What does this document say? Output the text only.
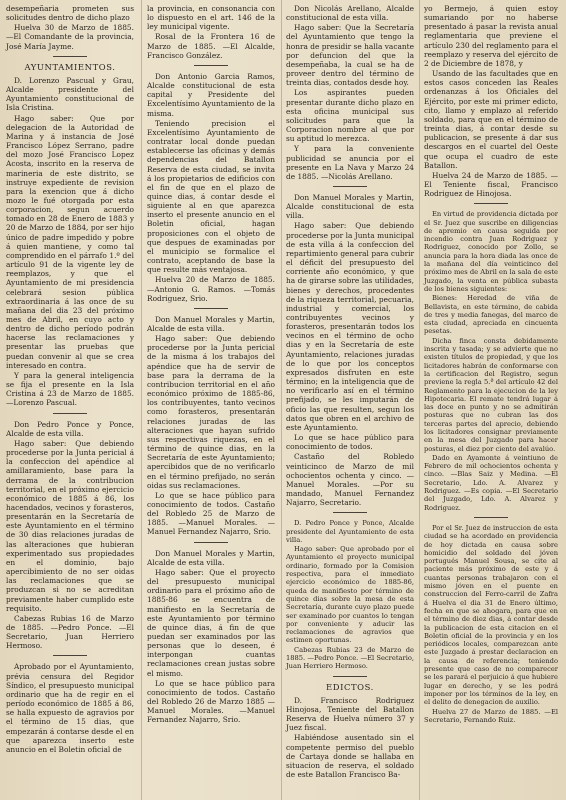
desempeñaria prometen sus solicitudes dentro de dicho plazo

Huelva 30 de Marzo de 1885. —El Comandante de la provincia, José María Jayme.

AYUNTAMIENTOS.

D. Lorenzo Pascual y Grau, Alcalde presidente del Ayuntamiento constitucional de Isla Cristina.

Hago saber: Que por delegacion de la Autoridad de Marina y á instancia de José Francisco López Serrano, padre del mozo José Francisco Lopez Acosta, inscrito en la reserva de marineria de este distrito, se instruye expediente de revision para la exencion que á dicho mozo le fué otorgada por esta corporacion, segun acuerdo tomado en 28 de Enero de 1883 y 20 de Marzo de 1884, por ser hijo único de padre impedido y pobre á quien mantiene, y como tal comprendido en el párrafo 1.º del artículo 91 de la vigente ley de reemplazos, y que el Ayuntamiento de mi presidencia celebrará sesion pública extraordinaria á las once de su mañana del dia 23 del próximo mes de Abril, en cuyo acto y dentro de dicho período podrán hacerse las reclamaciones y presentar las pruebas que puedan convenir al que se crea interesado en contra.

Y para la general inteligencia se fija el presente en la Isla Cristina á 23 de Marzo de 1885. —Lorenzo Pascual.

Don Pedro Ponce y Ponce, Alcalde de esta villa.

Hago saber: Que debiendo procederse por la Junta pericial á la confeccion del apéndice al amillaramiento, base para la derrama de la contribucion territorial, en el próximo ejercicio económico de 1885 á 86, los hacendados, vecinos y forasteros, presentarán en la Secretaría de este Ayuntamiento en el término de 30 dias relaciones juradas de las alteraciones que hubieran experimentado sus propiedades en el dominio, bajo apercibimiento de no ser oidas las reclamaciones que se produzcan si no se acreditan previamente haber cumplido este requisito.

Cabezas Rubias 16 de Marzo de 1885. —Pedro Ponce. —El Secretario, Juan Herriero Hermoso.

Aprobado por el Ayuntamiento, prévia censura del Regidor Síndico, el presupuesto municipal ordinario que ha de regir en el período económico de 1885 á 86, se halla expuesto de agravios por el término de 15 dias, que empezarán á contarse desde el en que aparezca inserto este anuncio en el Boletin oficial de

la provincia, en consonancia con lo dispuesto en el art. 146 de la ley municipal vigente.

Rosal de la Frontera 16 de Marzo de 1885. —El Alcalde, Francisco González.

Don Antonio Garcia Ramos, Alcalde constitucional de esta capital y Presidente del Excelentísimo Ayuntamiento de la misma.

Teniendo precision el Excelentísimo Ayuntamiento de contratar local donde puedan establecerse las oficinas y demás dependencias del Batallon Reserva de esta ciudad, se invita á los propietarios de edificios con el fin de que en el plazo de quince dias, á contar desde el siguiente al en que aparezca inserto el presente anuncio en el Boletin oficial, hagan proposiciones con el objeto de que despues de examinadas por el municipio se formalice el contrato, aceptando de base la que resulte más ventajosa.

Huelva 20 de Marzo de 1885. —Antonio G. Ramos. —Tomás Rodriguez, Srio.

Don Manuel Morales y Martin, Alcalde de esta villa.

Hago saber: Que debiendo procederse por la Junta pericial de la misma á los trabajos del apéndice que ha de servir de base para la derrama de la contribucion territorial en el año económico próximo de 1885-86, los contribuyentes, tanto vecinos como forasteros, presentarán relaciones juradas de las alteraciones que hayan sufrido sus respectivas riquezas, en el término de quince dias, en la Secretaría de este Ayuntamiento; apercibidos que de no verificarlo en el término prefijado, no serán oidas sus reclamaciones.

Lo que se hace público para conocimiento de todos. Castaño del Robledo 25 de Marzo de 1885. —Manuel Morales. —Manuel Fernandez Najarro, Srio.

Don Manuel Morales y Martin, Alcalde de esta villa.

Hago saber: Que el proyecto del presupuesto municipal ordinario para el próximo año de 1885-86 se encuentra de manifiesto en la Secretaría de este Ayuntamiento por término de quince dias, á fin de que puedan ser examinados por las personas que lo deseen, é interpongan cuantas reclamaciones crean justas sobre el mismo.

Lo que se hace público para conocimiento de todos. Castaño del Robledo 26 de Marzo 1885 —Manuel Morales. —Manuel Fernandez Najarro, Srio.

Don Nicolás Arellano, Alcalde constitucional de esta villa.

Hago saber: Que la Secretaría del Ayuntamiento que tengo la honra de presidir se halla vacante por defuncion del que la desempeñaba, la cual se ha de proveer dentro del término de treinta dias, contados desde hoy.

Los aspirantes pueden presentar durante dicho plazo en esta oficina municipal sus solicitudes para que la Corporacion nombre al que por su aptitud lo merezca.

Y para la conveniente publicidad se anuncia por el presente en La Nava y Marzo 24 de 1885. —Nicolás Arellano.

Don Manuel Morales y Martin, Alcalde constitucional de esta villa.

Hago saber: Que debiendo procederse por la Junta municipal de esta villa á la confeccion del repartimiento general para cubrir el déficit del presupuesto del corriente año económico, y que ha de girarse sobre las utilidades, bienes y derechos, procedentes de la riqueza territorial, pecuaria, industrial y comercial, los contribuyentes vecinos y forasteros, presentarán todos los vecinos en el término de ocho dias y en la Secretaría de este Ayuntamiento, relaciones juradas de lo que por los conceptos expresados disfruten en este término; en la inteligencia que de no verificarlo así en el término prefijado, se les imputarán de oficio las que resulten, segun los datos que obren en el archivo de este Ayuntamiento.

Lo que se hace público para conocimiento de todos.

Castaño del Robledo veinticinco de Marzo de mil ochocientos ochenta y cinco. —Manuel Morales. —Por su mandado, Manuel Fernandez Najarro, Secretario.

D. Pedro Ponce y Ponce, Alcalde presidente del Ayuntamiento de esta villa.

Hago saber: Que aprobado por el Ayuntamiento el proyecto municipal ordinario, formado por la Comision respectiva, para el inmediato ejercicio económico de 1885-86, queda de manifiesto por término de quince dias sobre la mesa de esta Secretaría, durante cuyo plazo puede ser examinado por cuantos lo tengan por conveniente y aducir las reclamaciones de agravios que estimen oportunas.

Cabezas Rubias 23 de Marzo de 1885. —Pedro Ponce. —El Secretario, Juan Herriero Hermoso.

EDICTOS.

D. Francisco Rodriguez Hinojosa, Teniente del Batallon Reserva de Huelva número 37 y Juez fiscal.

Habiéndose ausentado sin el competente permiso del pueblo de Cartaya donde se hallaba en situacion de reserva, el soldado de este Batallon Francisco Ba-

yo Bermejo, á quien estoy sumariando por no haberse presentado á pasar la revista anual reglamentaria que previene el artículo 230 del reglamento para el reemplazo y reserva del ejército de 2 de Diciembre de 1878, y

Usando de las facultades que en estos casos conceden las Reales ordenanzas á los Oficiales del Ejército, por este mi primer edicto, cito, llamo y emplazo al referido soldado, para que en el término de treinta dias, á contar desde su publicacion, se presente á dar sus descargos en el cuartel del Oeste que ocupa el cuadro de este Batallon.

Huelva 24 de Marzo de 1885. —El Teniente fiscal, Francisco Rodriguez de Hinojosa.

En virtud de providencia dictada por el Sr. Juez que suscribe en diligencias de apremio en causa seguida por incendio contra Juan Rodriguez y Rodriguez, conocido por Zollo, se anuncia para la hora diada las once de la mañana del día veinticinco del próximo mes de Abril en la sala de este Juzgado, la venta en pública subasta de los bienes siguientes:

Bienes: Heredad de viña de Bellavista, en este término, de cabida de tres y media fanegas, del marco de esta ciudad, apreciada en cincuenta pesetas.

Dicha finca consta debidamente inscrita y tasada; y se advierte que no existen títulos de propiedad, y que los licitadores habrán de conformarse con la certificacion del Registro, segun previene la regla 5.ª del artículo 42 del Reglamento para la ejecucion de la ley Hipotecaria. El remate tendrá lugar á las doce en punto y no se admitirán posturas que no cubran las dos terceras partes del aprecio, debiendo los licitadores consignar previamente en la mesa del Juzgado para hacer posturas, el diez por ciento del avalúo.

Dado en Ayamonte á veintiuno de Febrero de mil ochocientos ochenta y cinco. —Blas Saiz y Medina. —El Secretario, Ldo. A. Alvarez y Rodriguez. —Es copia. —El Secretario del Juzgado, Ldo. A. Alvarez y Rodriguez.

Por el Sr. Juez de instruccion de esta ciudad se ha acordado en providencia de hoy dictada en causa sobre homicidio del soldado del jóven portugués Manuel Sousa, se cite al paciente más próximo de este y á cuantas personas trabajaron con el mismo jóven en el puente en construccion del Ferro-carril de Zafra á Huelva el dia 31 de Enero último, fecha en que se ahogara, para que en el término de diez dias, á contar desde la publicacion de esta citacion en el Boletin oficial de la provincia y en los periódicos locales, comparezcan ante este Juzgado á prestar declaracion en la causa de referencia; teniendo presente que caso de no comparecer se les parará el perjuicio á que hubiere lugar en derecho, y se les podrá imponer por los términos de la ley, en el delito de denegacion de auxilio.

Huelva 27 de Marzo de 1885. —El Secretario, Fernando Ruiz.
